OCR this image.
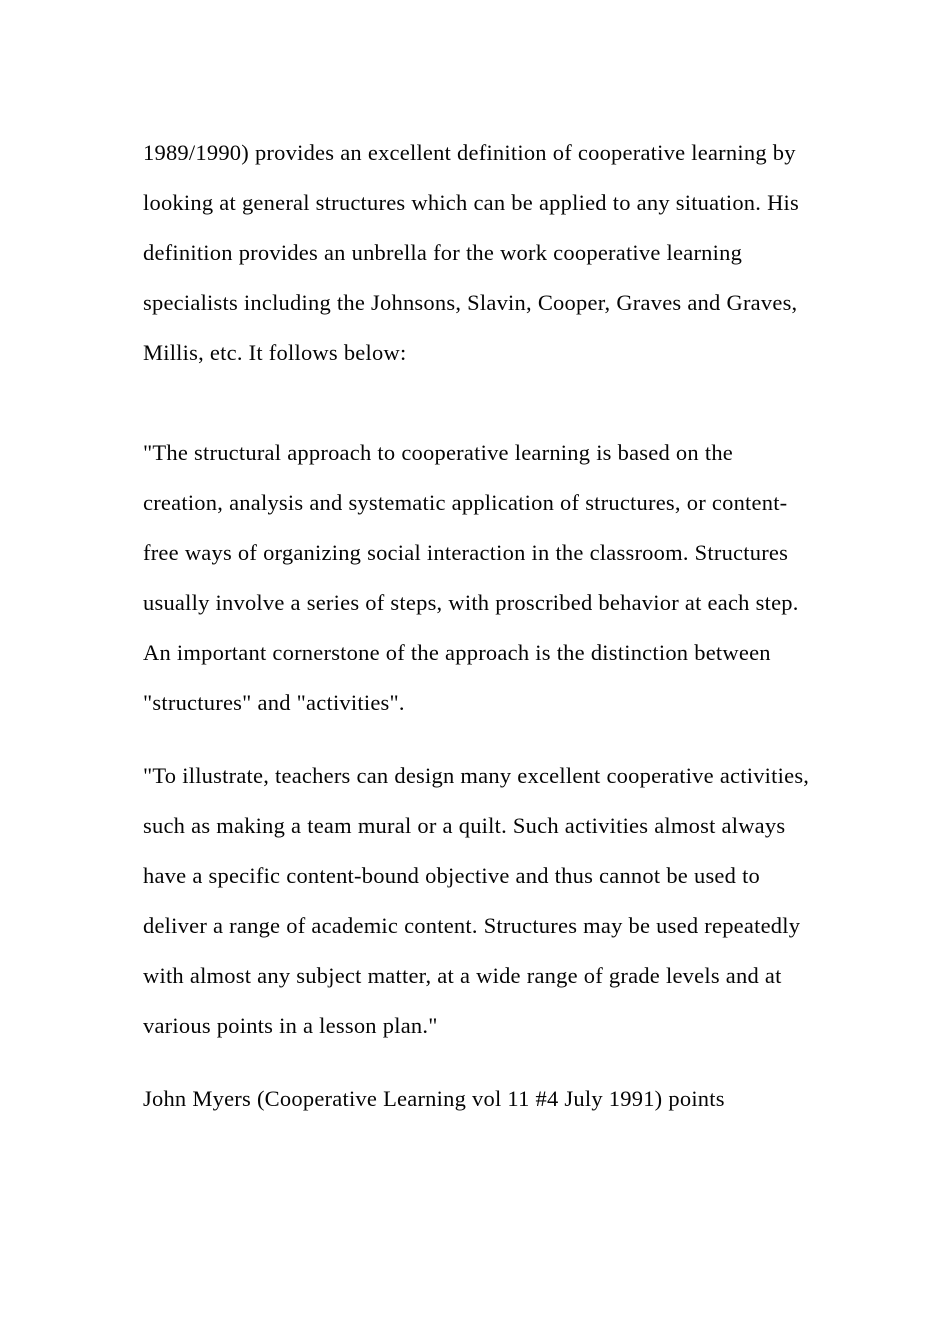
1989/1990) provides an excellent definition of cooperative learning by looking at general structures which can be applied to any situation. His definition provides an unbrella for the work cooperative learning specialists including the Johnsons, Slavin, Cooper, Graves and Graves, Millis, etc. It follows below:

"The structural approach to cooperative learning is based on the creation, analysis and systematic application of structures, or content-free ways of organizing social interaction in the classroom. Structures usually involve a series of steps, with proscribed behavior at each step. An important cornerstone of the approach is the distinction between "structures" and "activities".

"To illustrate, teachers can design many excellent cooperative activities, such as making a team mural or a quilt. Such activities almost always have a specific content-bound objective and thus cannot be used to deliver a range of academic content. Structures may be used repeatedly with almost any subject matter, at a wide range of grade levels and at various points in a lesson plan."

John Myers (Cooperative Learning vol 11 #4 July 1991) points
